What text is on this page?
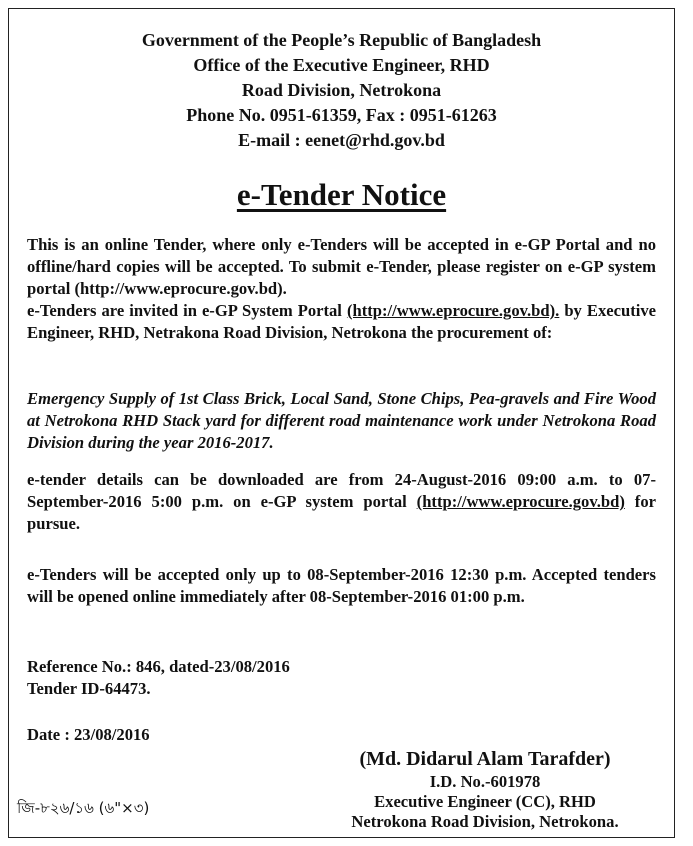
Government of the People’s Republic of Bangladesh
Office of the Executive Engineer, RHD
Road Division, Netrokona
Phone No. 0951-61359, Fax : 0951-61263
E-mail : eenet@rhd.gov.bd
e-Tender Notice
This is an online Tender, where only e-Tenders will be accepted in e-GP Portal and no offline/hard copies will be accepted. To submit e-Tender, please register on e-GP system portal (http://www.eprocure.gov.bd).
e-Tenders are invited in e-GP System Portal (http://www.eprocure.gov.bd). by Executive Engineer, RHD, Netrakona Road Division, Netrokona the procurement of:
Emergency Supply of 1st Class Brick, Local Sand, Stone Chips, Pea-gravels and Fire Wood at Netrokona RHD Stack yard for different road maintenance work under Netrokona Road Division during the year 2016-2017.
e-tender details can be downloaded are from 24-August-2016 09:00 a.m. to 07-September-2016 5:00 p.m. on e-GP system portal (http://www.eprocure.gov.bd) for pursue.
e-Tenders will be accepted only up to 08-September-2016 12:30 p.m. Accepted tenders will be opened online immediately after 08-September-2016 01:00 p.m.
Reference No.: 846, dated-23/08/2016
Tender ID-64473.
Date : 23/08/2016
(Md. Didarul Alam Tarafder)
I.D. No.-601978
Executive Engineer (CC), RHD
Netrokona Road Division, Netrokona.
জি-৮২৬/১৬ (৬"×৩)
